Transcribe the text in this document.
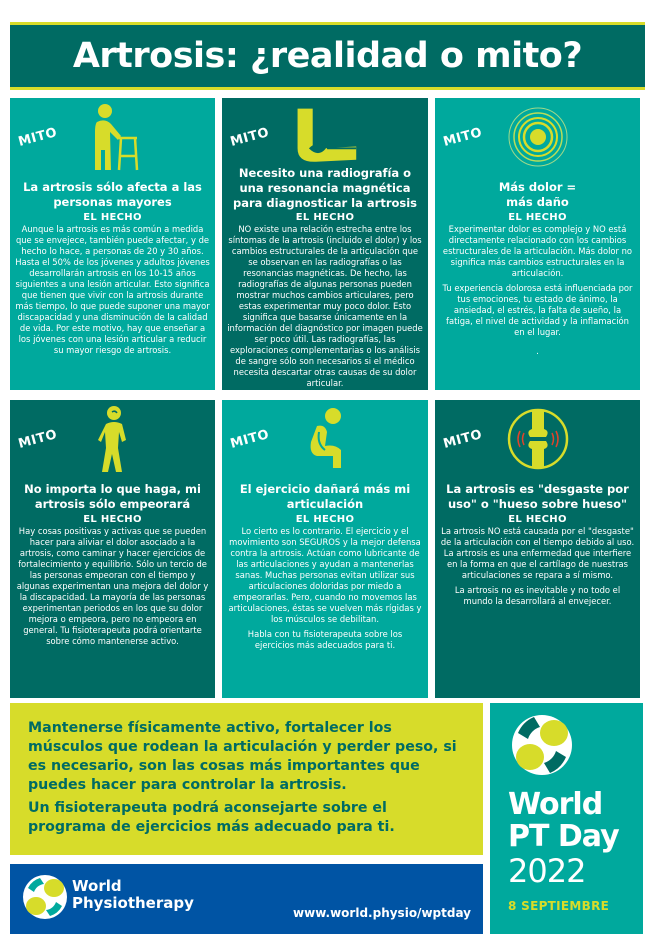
Artrosis: ¿realidad o mito?
MITO
La artrosis sólo afecta a las personas mayores
EL HECHO

Aunque la artrosis es más común a medida que se envejece, también puede afectar, y de hecho lo hace, a personas de 20 y 30 años. Hasta el 50% de los jóvenes y adultos jóvenes desarrollarán artrosis en los 10-15 años siguientes a una lesión articular. Esto significa que tienen que vivir con la artrosis durante más tiempo, lo que puede suponer una mayor discapacidad y una disminución de la calidad de vida. Por este motivo, hay que enseñar a los jóvenes con una lesión articular a reducir su mayor riesgo de artrosis.

MITO
Necesito una radiografía o una resonancia magnética para diagnosticar la artrosis
EL HECHO

NO existe una relación estrecha entre los síntomas de la artrosis (incluido el dolor) y los cambios estructurales de la articulación que se observan en las radiografías o las resonancias magnéticas. De hecho, las radiografías de algunas personas pueden mostrar muchos cambios articulares, pero estas experimentar muy poco dolor. Esto significa que basarse únicamente en la información del diagnóstico por imagen puede ser poco útil. Las radiografías, las exploraciones complementarias o los análisis de sangre sólo son necesarios si el médico necesita descartar otras causas de su dolor articular.

MITO
Más dolor = más daño
EL HECHO

Experimentar dolor es complejo y NO está directamente relacionado con los cambios estructurales de la articulación. Más dolor no significa más cambios estructurales en la articulación.

Tu experiencia dolorosa está influenciada por tus emociones, tu estado de ánimo, la ansiedad, el estrés, la falta de sueño, la fatiga, el nivel de actividad y la inflamación en el lugar.

.

MITO
No importa lo que haga, mi artrosis sólo empeorará
EL HECHO

Hay cosas positivas y activas que se pueden hacer para aliviar el dolor asociado a la artrosis, como caminar y hacer ejercicios de fortalecimiento y equilibrio. Sólo un tercio de las personas empeoran con el tiempo y algunas experimentan una mejora del dolor y la discapacidad. La mayoría de las personas experimentan periodos en los que su dolor mejora o empeora, pero no empeora en general. Tu fisioterapeuta podrá orientarte sobre cómo mantenerse activo.

MITO
El ejercicio dañará más mi articulación
EL HECHO

Lo cierto es lo contrario. El ejercicio y el movimiento son SEGUROS y la mejor defensa contra la artrosis. Actúan como lubricante de las articulaciones y ayudan a mantenerlas sanas. Muchas personas evitan utilizar sus articulaciones doloridas por miedo a empeorarlas. Pero, cuando no movemos las articulaciones, éstas se vuelven más rígidas y los músculos se debilitan.

Habla con tu fisioterapeuta sobre los ejercicios más adecuados para ti.

MITO
La artrosis es "desgaste por uso" o "hueso sobre hueso"
EL HECHO

La artrosis NO está causada por el "desgaste" de la articulación con el tiempo debido al uso. La artrosis es una enfermedad que interfiere en la forma en que el cartílago de nuestras articulaciones se repara a sí mismo.

La artrosis no es inevitable y no todo el mundo la desarrollará al envejecer.

Mantenerse físicamente activo, fortalecer los músculos que rodean la articulación y perder peso, si es necesario, son las cosas más importantes que puedes hacer para controlar la artrosis.

Un fisioterapeuta podrá aconsejarte sobre el programa de ejercicios más adecuado para ti.

World
Physiotherapy
www.world.physio/wptday
World
PT Day
2022
8 SEPTIEMBRE
